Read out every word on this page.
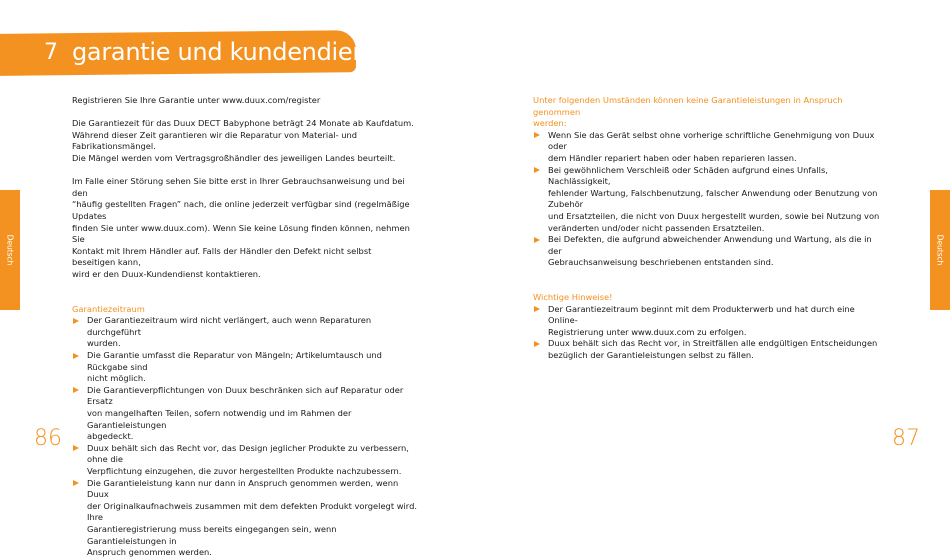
7 garantie und kundendienst
Deutsch	Deutsch

Registrieren Sie Ihre Garantie unter www.duux.com/register

Die Garantiezeit für das Duux DECT Babyphone beträgt 24 Monate ab Kaufdatum.

Während dieser Zeit garantieren wir die Reparatur von Material- und Fabrikationsmängel.

Die Mängel werden vom Vertragsgroßhändler des jeweiligen Landes beurteilt.

Im Falle einer Störung sehen Sie bitte erst in Ihrer Gebrauchsanweisung und bei den

“häufig gestellten Fragen” nach, die online jederzeit verfügbar sind (regelmäßige Updates

finden Sie unter www.duux.com). Wenn Sie keine Lösung finden können, nehmen Sie

Kontakt mit Ihrem Händler auf. Falls der Händler den Defekt nicht selbst beseitigen kann,

wird er den Duux-Kundendienst kontaktieren.

Garantiezeitraum

Der Garantiezeitraum wird nicht verlängert, auch wenn Reparaturen durchgeführt

wurden.

Die Garantie umfasst die Reparatur von Mängeln; Artikelumtausch und Rückgabe sind

nicht möglich.

Die Garantieverpflichtungen von Duux beschränken sich auf Reparatur oder Ersatz

von mangelhaften Teilen, sofern notwendig und im Rahmen der Garantieleistungen

abgedeckt.

Duux behält sich das Recht vor, das Design jeglicher Produkte zu verbessern, ohne die

Verpflichtung einzugehen, die zuvor hergestellten Produkte nachzubessern.

Die Garantieleistung kann nur dann in Anspruch genommen werden, wenn Duux

der Originalkaufnachweis zusammen mit dem defekten Produkt vorgelegt wird. Ihre

Garantieregistrierung muss bereits eingegangen sein, wenn Garantieleistungen in

Anspruch genommen werden.

Unter folgenden Umständen können keine Garantieleistungen in Anspruch genommen

werden:

Wenn Sie das Gerät selbst ohne vorherige schriftliche Genehmigung von Duux oder

dem Händler repariert haben oder haben reparieren lassen.

Bei gewöhnlichem Verschleiß oder Schäden aufgrund eines Unfalls, Nachlässigkeit,

fehlender Wartung, Falschbenutzung, falscher Anwendung oder Benutzung von Zubehör

und Ersatzteilen, die nicht von Duux hergestellt wurden, sowie bei Nutzung von

veränderten und/oder nicht passenden Ersatzteilen.

Bei Defekten, die aufgrund abweichender Anwendung und Wartung, als die in der

Gebrauchsanweisung beschriebenen entstanden sind.

Wichtige Hinweise!

Der Garantiezeitraum beginnt mit dem Produkterwerb und hat durch eine Online-

Registrierung unter www.duux.com zu erfolgen.

Duux behält sich das Recht vor, in Streitfällen alle endgültigen Entscheidungen

bezüglich der Garantieleistungen selbst zu fällen.

86	87
